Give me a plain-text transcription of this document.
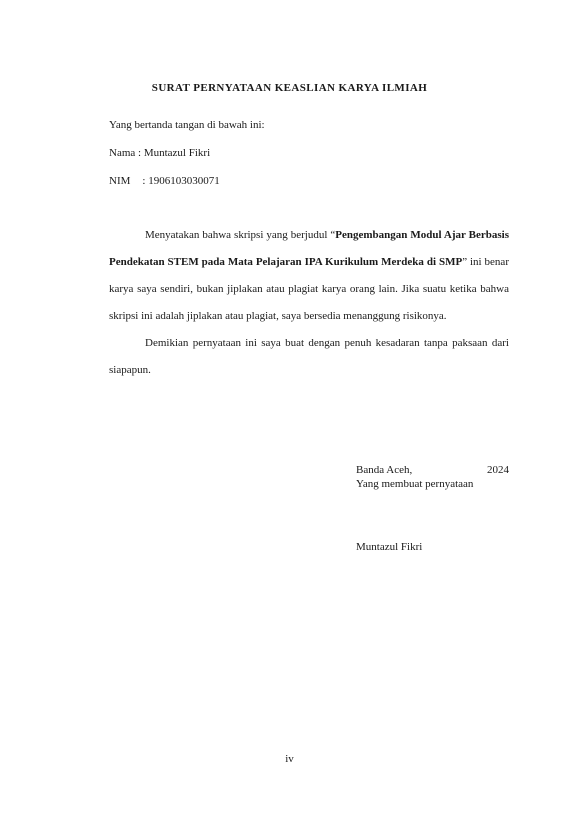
SURAT PERNYATAAN KEASLIAN KARYA ILMIAH
Yang bertanda tangan di bawah ini:
Nama : Muntazul Fikri
NIM : 1906103030071

Menyatakan bahwa skripsi yang berjudul “Pengembangan Modul Ajar Berbasis Pendekatan STEM pada Mata Pelajaran IPA Kurikulum Merdeka di SMP” ini benar karya saya sendiri, bukan jiplakan atau plagiat karya orang lain. Jika suatu ketika bahwa skripsi ini adalah jiplakan atau plagiat, saya bersedia menanggung risikonya.

Demikian pernyataan ini saya buat dengan penuh kesadaran tanpa paksaan dari siapapun.

Banda Aceh,	2024
Yang membuat pernyataan
Muntazul Fikri
iv
